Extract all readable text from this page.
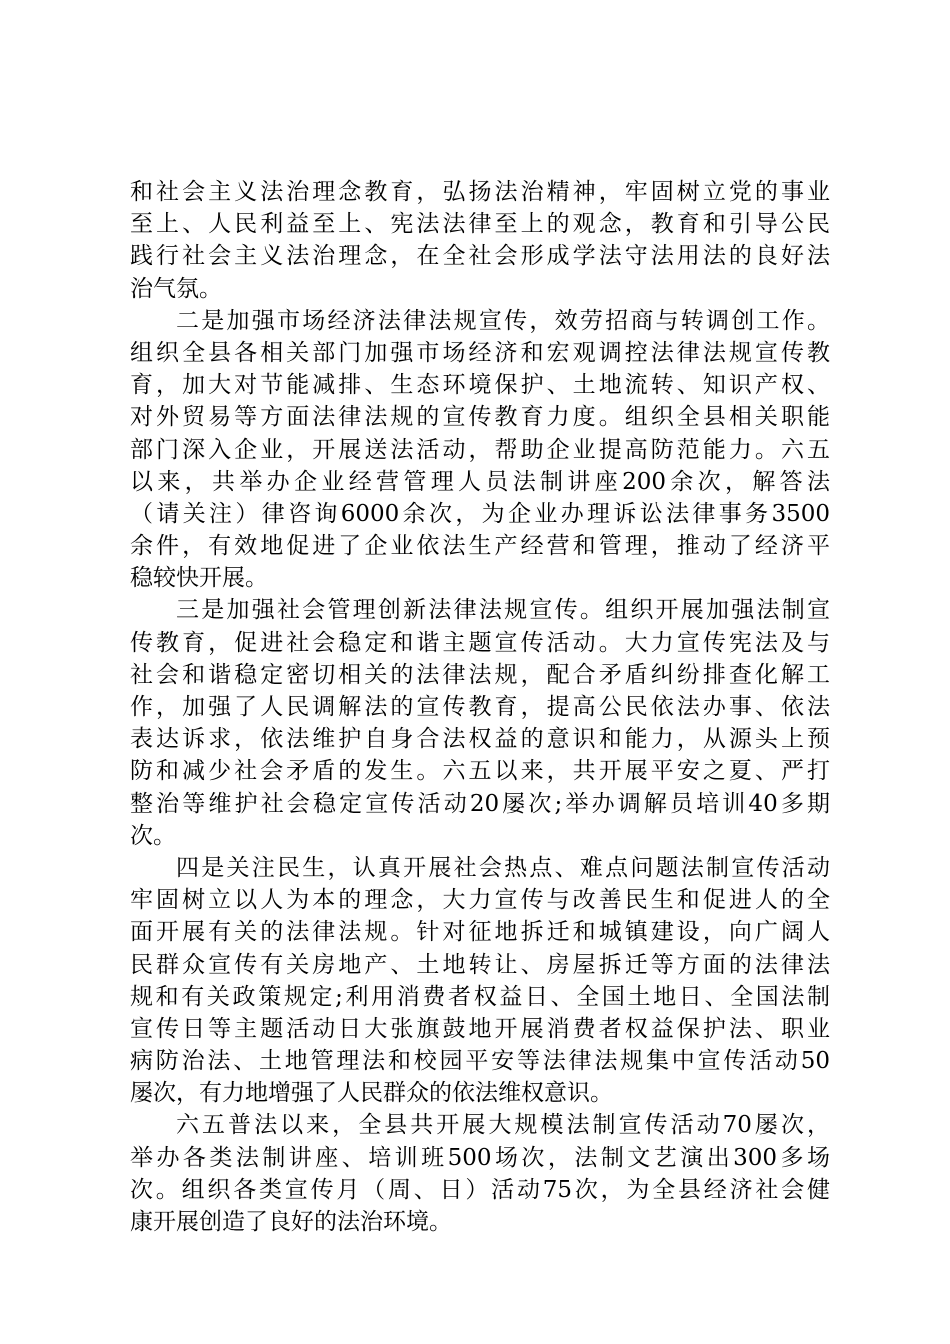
和社会主义法治理念教育，弘扬法治精神，牢固树立党的事业
至上、人民利益至上、宪法法律至上的观念，教育和引导公民
践行社会主义法治理念，在全社会形成学法守法用法的良好法
治气氛。
二是加强市场经济法律法规宣传，效劳招商与转调创工作。
组织全县各相关部门加强市场经济和宏观调控法律法规宣传教
育，加大对节能减排、生态环境保护、土地流转、知识产权、
对外贸易等方面法律法规的宣传教育力度。组织全县相关职能
部门深入企业，开展送法活动，帮助企业提高防范能力。六五
以来，共举办企业经营管理人员法制讲座200余次，解答法
（请关注）律咨询6000余次，为企业办理诉讼法律事务3500
余件，有效地促进了企业依法生产经营和管理，推动了经济平
稳较快开展。
三是加强社会管理创新法律法规宣传。组织开展加强法制宣
传教育，促进社会稳定和谐主题宣传活动。大力宣传宪法及与
社会和谐稳定密切相关的法律法规，配合矛盾纠纷排查化解工
作，加强了人民调解法的宣传教育，提高公民依法办事、依法
表达诉求，依法维护自身合法权益的意识和能力，从源头上预
防和减少社会矛盾的发生。六五以来，共开展平安之夏、严打
整治等维护社会稳定宣传活动20屡次;举办调解员培训40多期
次。
四是关注民生，认真开展社会热点、难点问题法制宣传活动
牢固树立以人为本的理念，大力宣传与改善民生和促进人的全
面开展有关的法律法规。针对征地拆迁和城镇建设，向广阔人
民群众宣传有关房地产、土地转让、房屋拆迁等方面的法律法
规和有关政策规定;利用消费者权益日、全国土地日、全国法制
宣传日等主题活动日大张旗鼓地开展消费者权益保护法、职业
病防治法、土地管理法和校园平安等法律法规集中宣传活动50
屡次，有力地增强了人民群众的依法维权意识。
六五普法以来，全县共开展大规模法制宣传活动70屡次，
举办各类法制讲座、培训班500场次，法制文艺演出300多场
次。组织各类宣传月（周、日）活动75次，为全县经济社会健
康开展创造了良好的法治环境。
